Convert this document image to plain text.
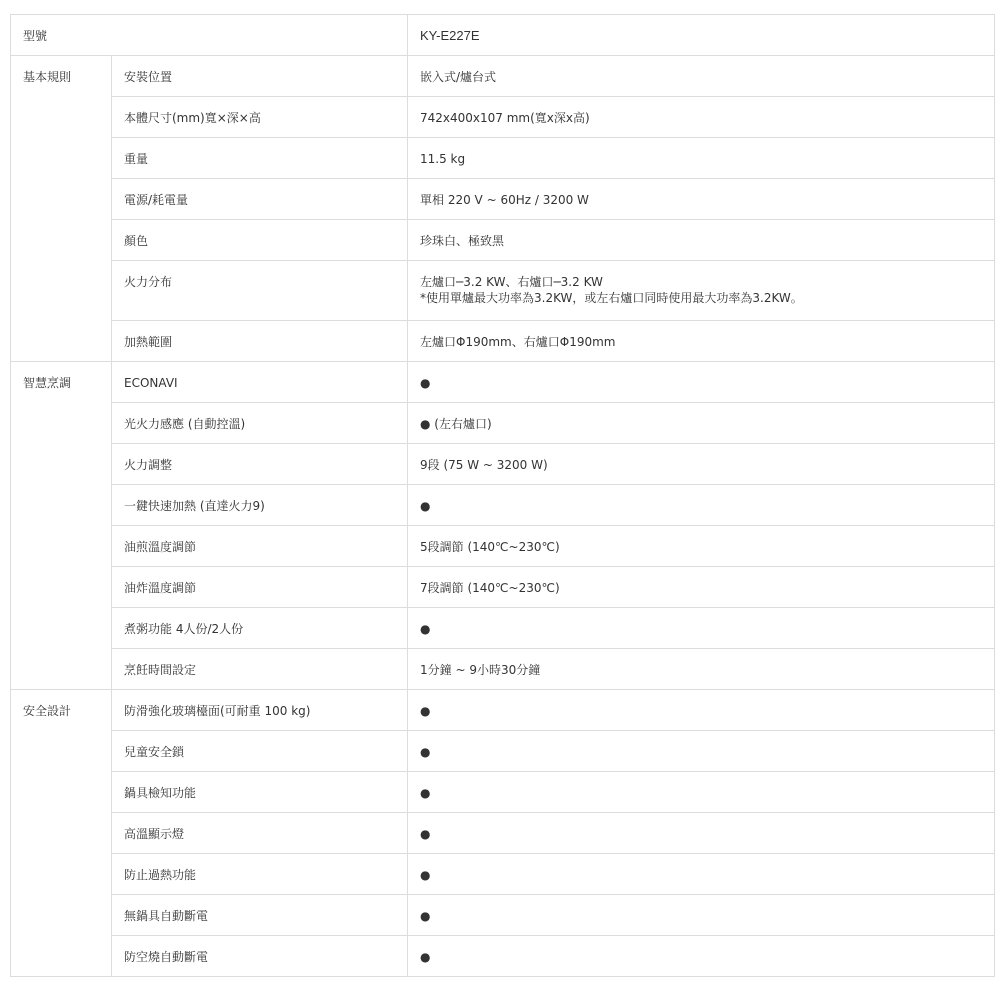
型號		KY-E227E
基本規則	安裝位置	嵌入式/爐台式

	本體尺寸(mm)寬×深×高	742x400x107 mm(寬x深x高)

	重量	11.5 kg

	電源/耗電量	單相 220 V ~ 60Hz / 3200 W

	顏色	珍珠白、極致黑

	火力分布	左爐口─3.2 KW、右爐口─3.2 KW
*使用單爐最大功率為3.2KW，或左右爐口同時使用最大功率為3.2KW。

	加熱範圍	左爐口Φ190mm、右爐口Φ190mm

智慧烹調	ECONAVI	●

	光火力感應 (自動控溫)	● (左右爐口)

	火力調整	9段 (75 W ~ 3200 W)

	一鍵快速加熱 (直達火力9)	●

	油煎溫度調節	5段調節 (140℃~230℃)

	油炸溫度調節	7段調節 (140℃~230℃)

	煮粥功能 4人份/2人份	●

	烹飪時間設定	1分鐘 ~ 9小時30分鐘

安全設計	防滑強化玻璃檯面(可耐重 100 kg)	●

	兒童安全鎖	●

	鍋具檢知功能	●

	高溫顯示燈	●

	防止過熱功能	●

	無鍋具自動斷電	●

	防空燒自動斷電	●
